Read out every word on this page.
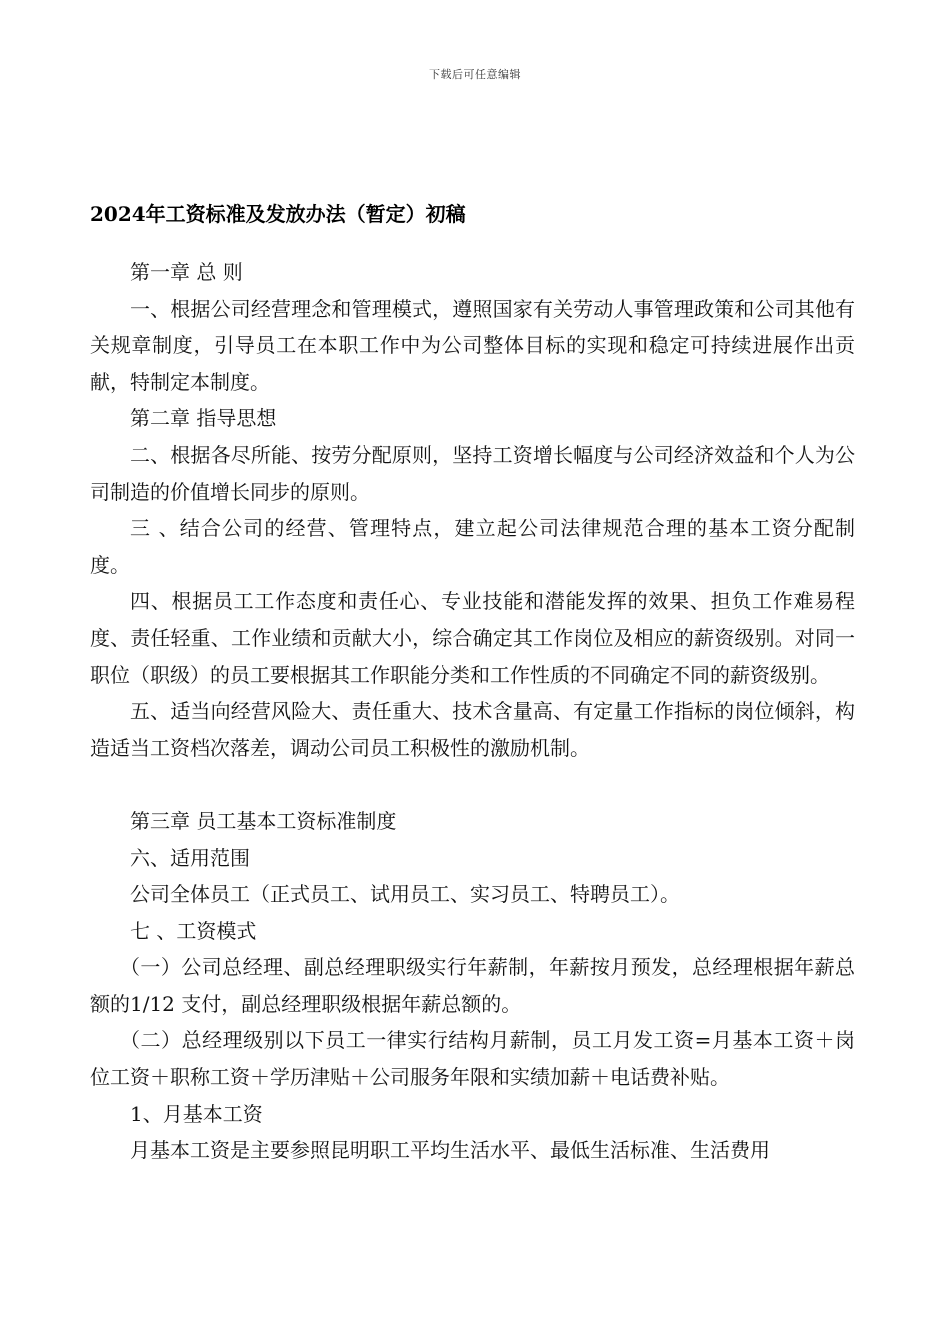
下载后可任意编辑
2024年工资标准及发放办法（暂定）初稿

第一章 总 则

一、根据公司经营理念和管理模式，遵照国家有关劳动人事管理政策和公司其他有关规章制度，引导员工在本职工作中为公司整体目标的实现和稳定可持续进展作出贡献，特制定本制度。

第二章 指导思想

二、根据各尽所能、按劳分配原则，坚持工资增长幅度与公司经济效益和个人为公司制造的价值增长同步的原则。

三 、结合公司的经营、管理特点，建立起公司法律规范合理的基本工资分配制度。

四、根据员工工作态度和责任心、专业技能和潜能发挥的效果、担负工作难易程度、责任轻重、工作业绩和贡献大小，综合确定其工作岗位及相应的薪资级别。对同一职位（职级）的员工要根据其工作职能分类和工作性质的不同确定不同的薪资级别。

五、适当向经营风险大、责任重大、技术含量高、有定量工作指标的岗位倾斜，构造适当工资档次落差，调动公司员工积极性的激励机制。

第三章 员工基本工资标准制度

六、适用范围

公司全体员工（正式员工、试用员工、实习员工、特聘员工）。

七 、工资模式

（一）公司总经理、副总经理职级实行年薪制，年薪按月预发，总经理根据年薪总额的1/12 支付，副总经理职级根据年薪总额的。

（二）总经理级别以下员工一律实行结构月薪制，员工月发工资=月基本工资＋岗位工资＋职称工资＋学历津贴＋公司服务年限和实绩加薪＋电话费补贴。

1、月基本工资

月基本工资是主要参照昆明职工平均生活水平、最低生活标准、生活费用
